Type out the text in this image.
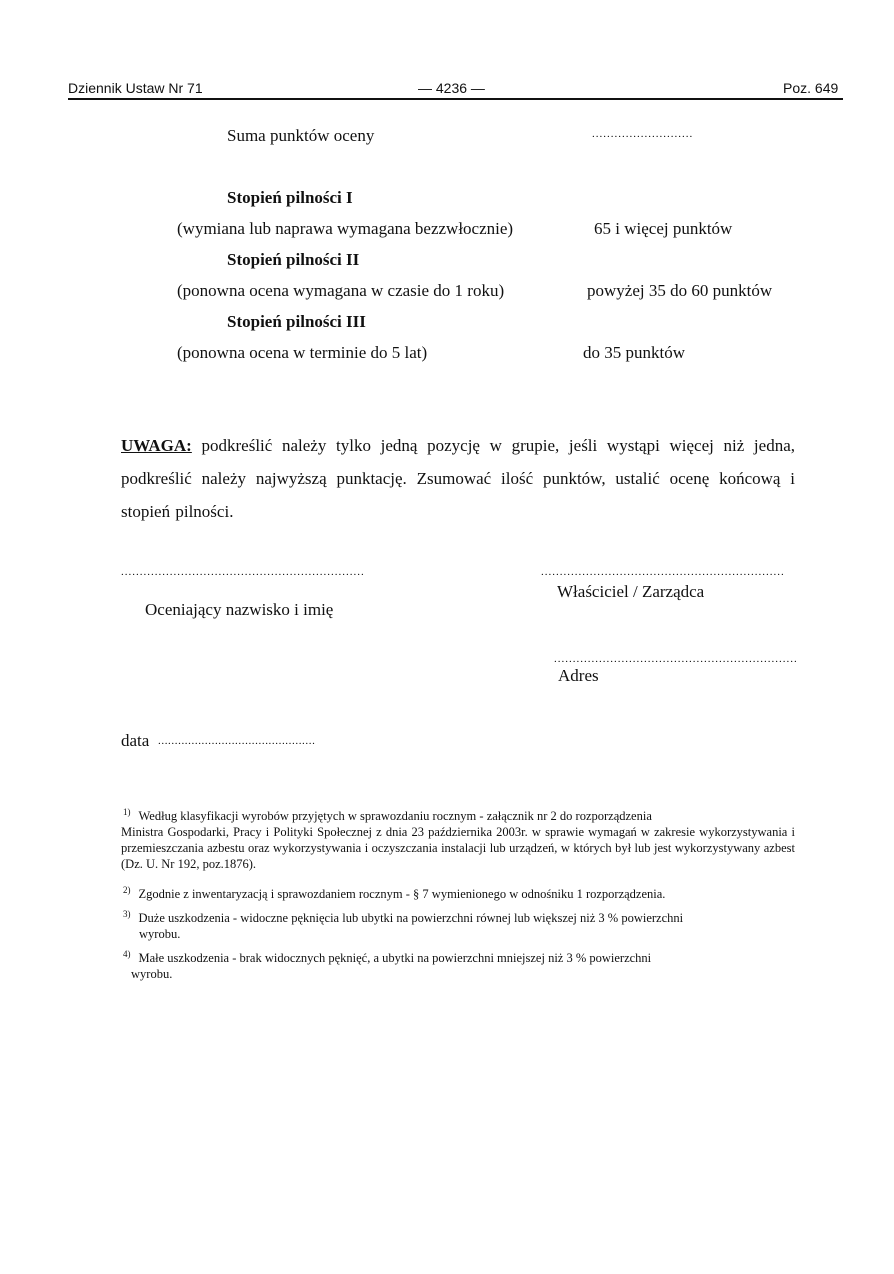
Dziennik Ustaw Nr 71	— 4236 —	Poz. 649
Suma punktów oceny	...........................
Stopień pilności I
(wymiana lub naprawa wymagana bezzwłocznie)	65 i więcej punktów
Stopień pilności II
(ponowna ocena wymagana w czasie do 1 roku)	powyżej 35 do 60 punktów
Stopień pilności III
(ponowna ocena w terminie do 5 lat)	do 35 punktów
UWAGA: podkreślić należy tylko jedną pozycję w grupie, jeśli wystąpi więcej niż jedna, podkreślić należy najwyższą punktację. Zsumować ilość punktów, ustalić ocenę końcową i stopień pilności.
.................................................................
Oceniający nazwisko i imię
.................................................................
Właściciel / Zarządca
.................................................................
Adres
data ...............................................
$^{1)}$ Według klasyfikacji wyrobów przyjętych w sprawozdaniu rocznym - załącznik nr 2 do rozporządzenia
Ministra Gospodarki, Pracy i Polityki Społecznej z dnia 23 października 2003r. w sprawie wymagań w zakresie wykorzystywania i przemieszczania azbestu oraz wykorzystywania i oczyszczania instalacji lub urządzeń, w których był lub jest wykorzystywany azbest (Dz. U. Nr 192, poz.1876).
$^{2)}$ Zgodnie z inwentaryzacją i sprawozdaniem rocznym - § 7 wymienionego w odnośniku 1 rozporządzenia.
$^{3)}$ Duże uszkodzenia - widoczne pęknięcia lub ubytki na powierzchni równej lub większej niż 3 % powierzchni
wyrobu.
$^{4)}$ Małe uszkodzenia - brak widocznych pęknięć, a ubytki na powierzchni mniejszej niż 3 % powierzchni
wyrobu.
